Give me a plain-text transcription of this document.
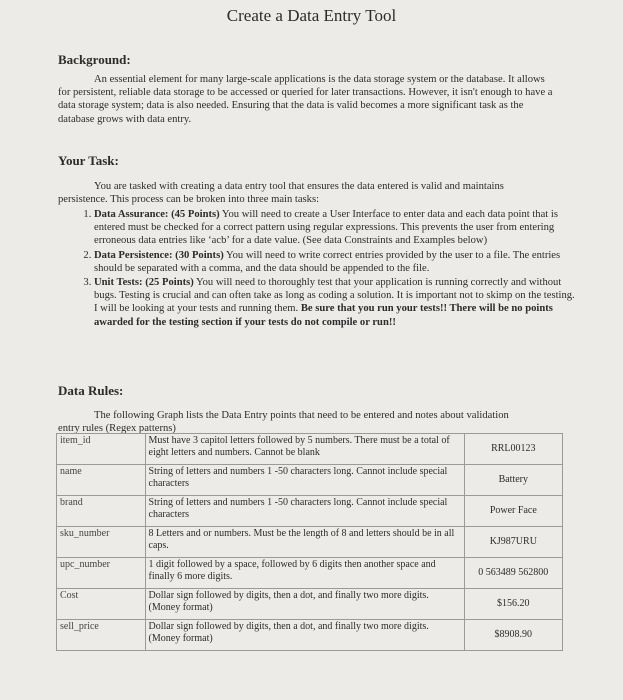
Create a Data Entry Tool
Background:
An essential element for many large-scale applications is the data storage system or the database. It allows for persistent, reliable data storage to be accessed or queried for later transactions. However, it isn't enough to have a data storage system; data is also needed. Ensuring that the data is valid becomes a more significant task as the database grows with data entry.
Your Task:
You are tasked with creating a data entry tool that ensures the data entered is valid and maintains persistence. This process can be broken into three main tasks:
1. Data Assurance: (45 Points) You will need to create a User Interface to enter data and each data point that is entered must be checked for a correct pattern using regular expressions. This prevents the user from entering erroneous data entries like ‘acb’ for a date value. (See data Constraints and Examples below)
2. Data Persistence: (30 Points) You will need to write correct entries provided by the user to a file. The entries should be separated with a comma, and the data should be appended to the file.
3. Unit Tests: (25 Points) You will need to thoroughly test that your application is running correctly and without bugs. Testing is crucial and can often take as long as coding a solution. It is important not to skimp on the testing. I will be looking at your tests and running them. Be sure that you run your tests!! There will be no points awarded for the testing section if your tests do not compile or run!!
Data Rules:
The following Graph lists the Data Entry points that need to be entered and notes about validation entry rules (Regex patterns)
item_id	Must have 3 capitol letters followed by 5 numbers. There must be a total of eight letters and numbers. Cannot be blank	RRL00123
name	String of letters and numbers 1 -50 characters long. Cannot include special characters	Battery
brand	String of letters and numbers 1 -50 characters long. Cannot include special characters	Power Face
sku_number	8 Letters and or numbers. Must be the length of 8 and letters should be in all caps.	KJ987URU
upc_number	1 digit followed by a space, followed by 6 digits then another space and finally 6 more digits.	0 563489 562800
Cost	Dollar sign followed by digits, then a dot, and finally two more digits. (Money format)	$156.20
sell_price	Dollar sign followed by digits, then a dot, and finally two more digits. (Money format)	$8908.90
